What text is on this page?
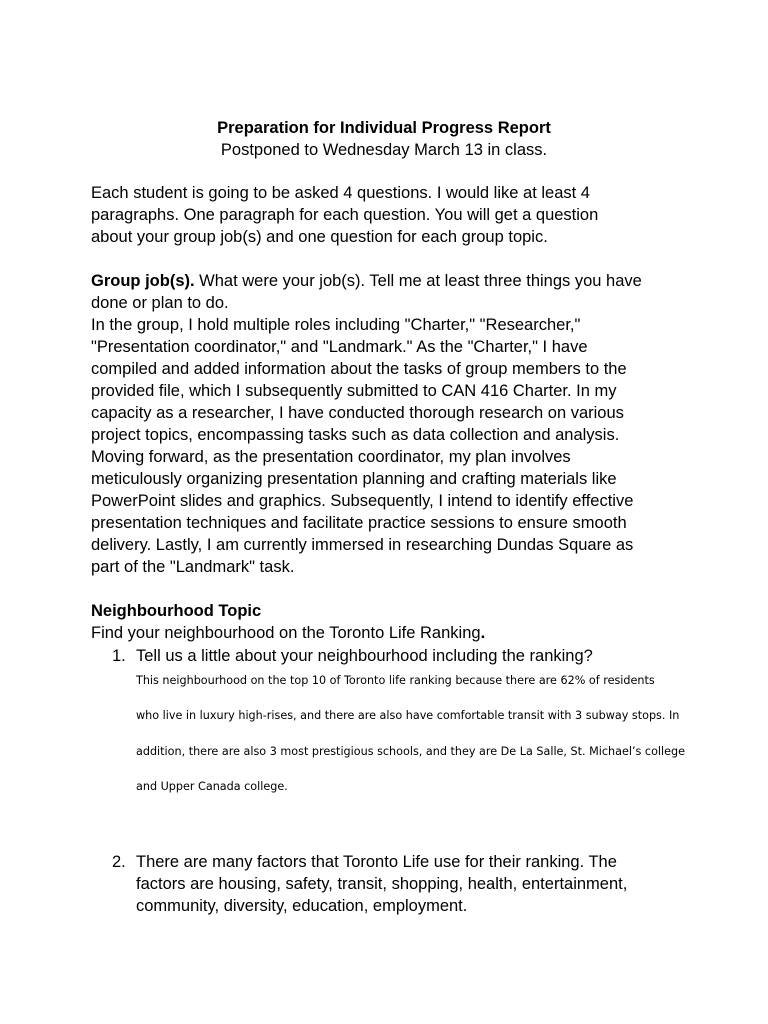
Preparation for Individual Progress Report
Postponed to Wednesday March 13 in class.
Each student is going to be asked 4 questions. I would like at least 4
paragraphs. One paragraph for each question. You will get a question
about your group job(s) and one question for each group topic.
Group job(s). What were your job(s). Tell me at least three things you have
done or plan to do.
In the group, I hold multiple roles including "Charter," "Researcher,"
"Presentation coordinator," and "Landmark." As the "Charter," I have
compiled and added information about the tasks of group members to the
provided file, which I subsequently submitted to CAN 416 Charter. In my
capacity as a researcher, I have conducted thorough research on various
project topics, encompassing tasks such as data collection and analysis.
Moving forward, as the presentation coordinator, my plan involves
meticulously organizing presentation planning and crafting materials like
PowerPoint slides and graphics. Subsequently, I intend to identify effective
presentation techniques and facilitate practice sessions to ensure smooth
delivery. Lastly, I am currently immersed in researching Dundas Square as
part of the "Landmark" task.
Neighbourhood Topic
Find your neighbourhood on the Toronto Life Ranking.
1. Tell us a little about your neighbourhood including the ranking?
This neighbourhood on the top 10 of Toronto life ranking because there are 62% of residents
who live in luxury high-rises, and there are also have comfortable transit with 3 subway stops. In
addition, there are also 3 most prestigious schools, and they are De La Salle, St. Michael’s college
and Upper Canada college.
2. There are many factors that Toronto Life use for their ranking. The
factors are housing, safety, transit, shopping, health, entertainment,
community, diversity, education, employment.
